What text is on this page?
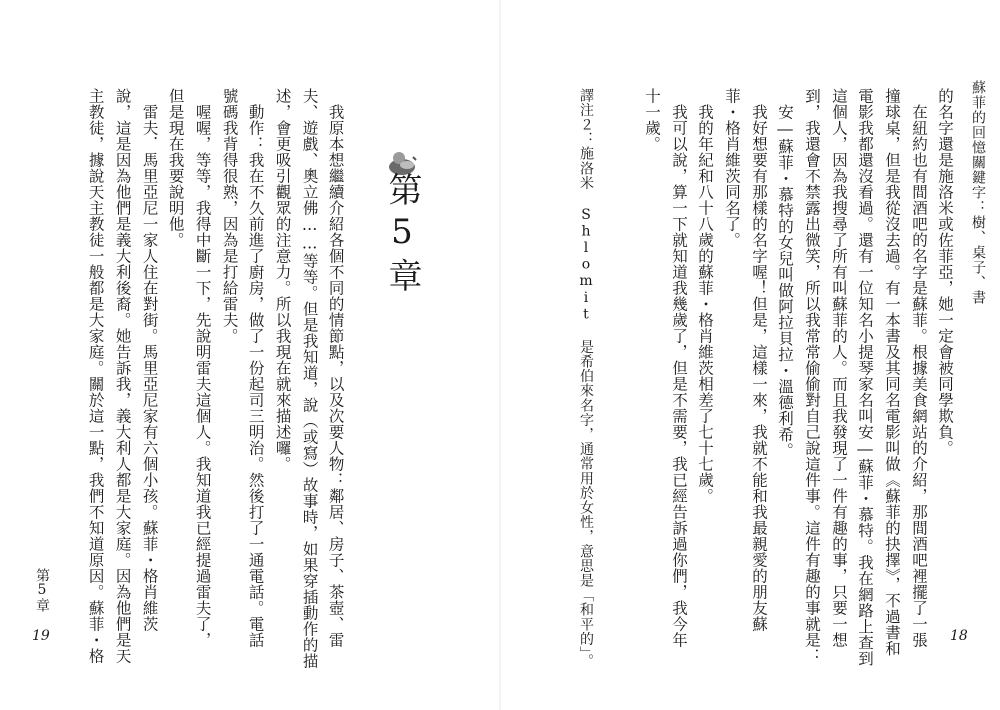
蘇菲的回憶關鍵字：樹、桌子、書
的名字還是施洛米或佐菲亞，她一定會被同學欺負。
　在紐約也有間酒吧的名字是蘇菲。根據美食網站的介紹，那間酒吧裡擺了一張
撞球桌，但是我從沒去過。有一本書及其同名電影叫做《蘇菲的抉擇》，不過書和
電影我都還沒看過。還有一位知名小提琴家名叫安―蘇菲・慕特。我在網路上查到
這個人，因為我搜尋了所有叫蘇菲的人。而且我發現了一件有趣的事，只要一想
到，我還會不禁露出微笑，所以我常常偷偷對自己說這件事。這件有趣的事就是：
　安―蘇菲・慕特的女兒叫做阿拉貝拉・溫德利希。
　我好想要有那樣的名字喔！但是，這樣一來，我就不能和我最親愛的朋友蘇
菲・格肖維茨同名了。
　我的年紀和八十八歲的蘇菲・格肖維茨相差了七十七歲。
　我可以說，算一下就知道我幾歲了，但是不需要，我已經告訴過你們，我今年
十一歲。
譯注２：施洛米 Shlomit 是希伯來名字，通常用於女性，意思是「和平的」。	18
第5章
　我原本想繼續介紹各個不同的情節點，以及次要人物：鄰居、房子、茶壺、雷
夫、遊戲、奧立佛……等等。但是我知道，說（或寫）故事時，如果穿插動作的描
述，會更吸引觀眾的注意力。所以我現在就來描述囉。
　動作：我在不久前進了廚房，做了一份起司三明治。然後打了一通電話。電話
號碼我背得很熟，因為是打給雷夫。
　喔喔，等等，我得中斷一下，先說明雷夫這個人。我知道我已經提過雷夫了，
但是現在我要說明他。
　雷夫．馬里亞尼一家人住在對街。馬里亞尼家有六個小孩。蘇菲・格肖維茨
說，這是因為他們是義大利後裔。她告訴我，義大利人都是大家庭。因為他們是天
主教徒，據說天主教徒一般都是大家庭。關於這一點，我們不知道原因。蘇菲・格
第5章
19
